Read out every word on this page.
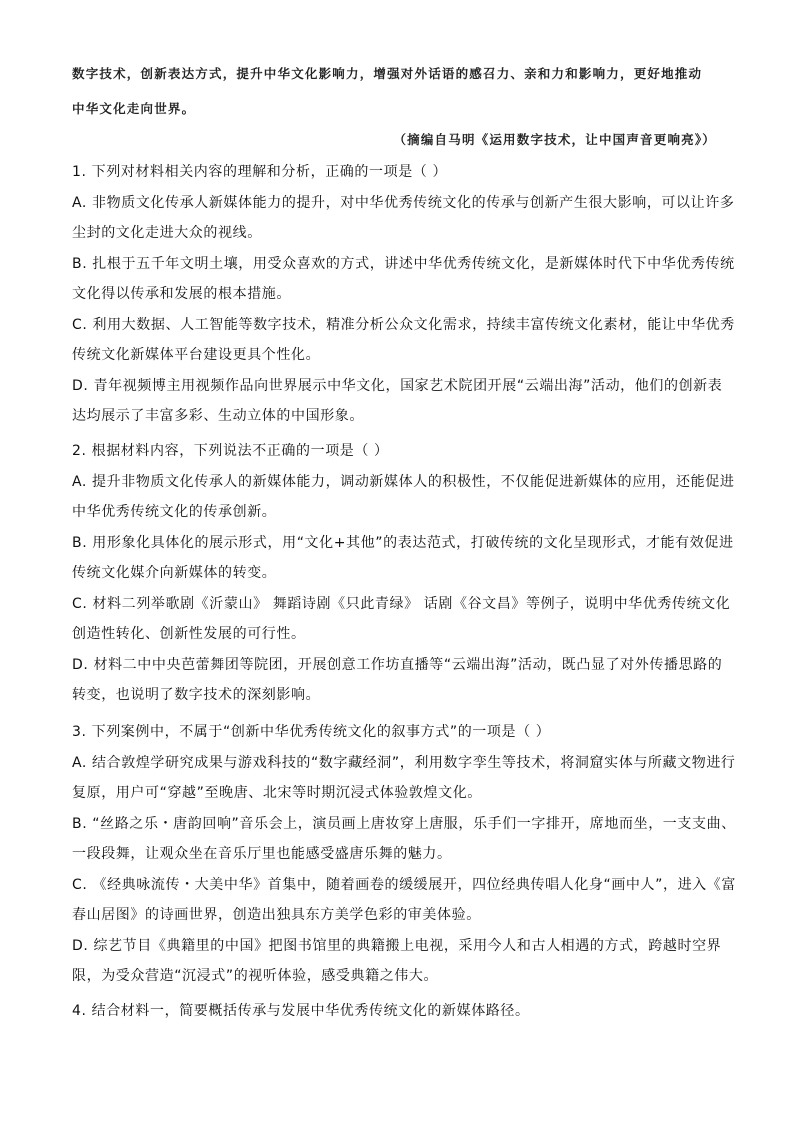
数字技术，创新表达方式，提升中华文化影响力，增强对外话语的感召力、亲和力和影响力，更好地推动
中华文化走向世界。
（摘编自马明《运用数字技术，让中国声音更响亮》）
1. 下列对材料相关内容的理解和分析，正确的一项是（ ）
A. 非物质文化传承人新媒体能力的提升，对中华优秀传统文化的传承与创新产生很大影响，可以让许多
尘封的文化走进大众的视线。
B. 扎根于五千年文明土壤，用受众喜欢的方式，讲述中华优秀传统文化，是新媒体时代下中华优秀传统
文化得以传承和发展的根本措施。
C. 利用大数据、人工智能等数字技术，精准分析公众文化需求，持续丰富传统文化素材，能让中华优秀
传统文化新媒体平台建设更具个性化。
D. 青年视频博主用视频作品向世界展示中华文化，国家艺术院团开展“云端出海”活动，他们的创新表
达均展示了丰富多彩、生动立体的中国形象。
2. 根据材料内容，下列说法不正确的一项是（ ）
A. 提升非物质文化传承人的新媒体能力，调动新媒体人的积极性，不仅能促进新媒体的应用，还能促进
中华优秀传统文化的传承创新。
B. 用形象化具体化的展示形式，用“文化+其他”的表达范式，打破传统的文化呈现形式，才能有效促进
传统文化媒介向新媒体的转变。
C. 材料二列举歌剧《沂蒙山》 舞蹈诗剧《只此青绿》 话剧《谷文昌》等例子，说明中华优秀传统文化
创造性转化、创新性发展的可行性。
D. 材料二中中央芭蕾舞团等院团，开展创意工作坊直播等“云端出海”活动，既凸显了对外传播思路的
转变，也说明了数字技术的深刻影响。
3. 下列案例中，不属于“创新中华优秀传统文化的叙事方式”的一项是（ ）
A. 结合敦煌学研究成果与游戏科技的“数字藏经洞”，利用数字孪生等技术，将洞窟实体与所藏文物进行
复原，用户可“穿越”至晚唐、北宋等时期沉浸式体验敦煌文化。
B. “丝路之乐・唐韵回响”音乐会上，演员画上唐妆穿上唐服，乐手们一字排开，席地而坐，一支支曲、
一段段舞，让观众坐在音乐厅里也能感受盛唐乐舞的魅力。
C. 《经典咏流传・大美中华》首集中，随着画卷的缓缓展开，四位经典传唱人化身“画中人”，进入《富
春山居图》的诗画世界，创造出独具东方美学色彩的审美体验。
D. 综艺节目《典籍里的中国》把图书馆里的典籍搬上电视，采用今人和古人相遇的方式，跨越时空界
限，为受众营造“沉浸式”的视听体验，感受典籍之伟大。
4. 结合材料一，简要概括传承与发展中华优秀传统文化的新媒体路径。
